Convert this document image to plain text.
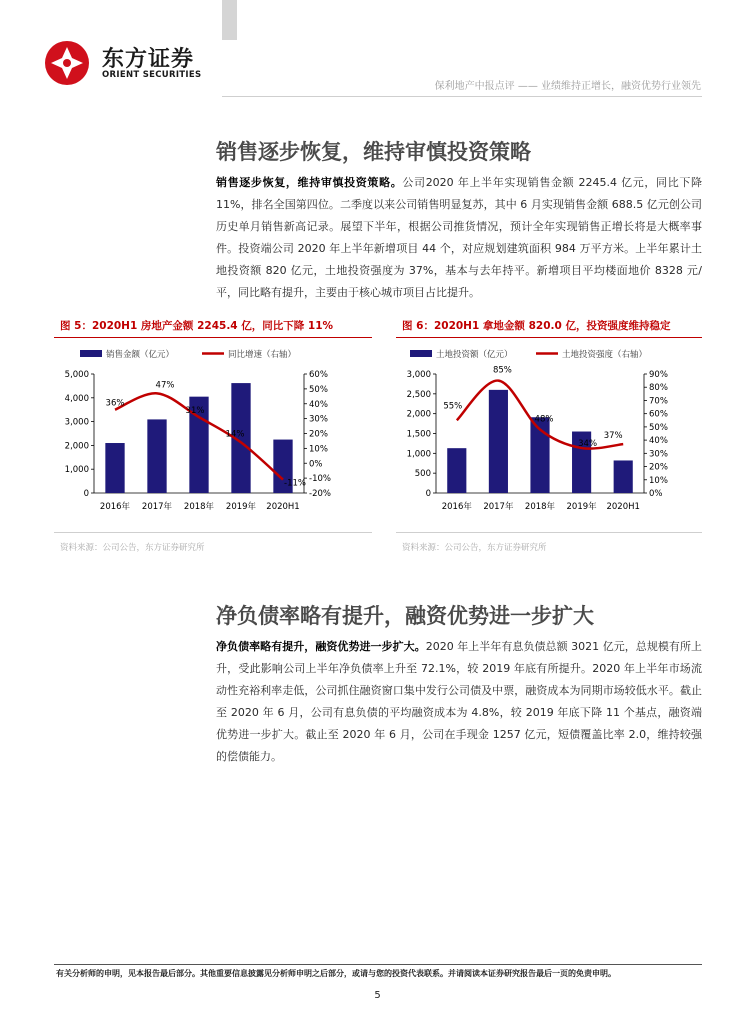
东方证券
ORIENT SECURITIES
保利地产中报点评 —— 业绩维持正增长，融资优势行业领先
销售逐步恢复，维持审慎投资策略
销售逐步恢复，维持审慎投资策略。公司2020 年上半年实现销售金额 2245.4 亿元，同比下降 11%，排名全国第四位。二季度以来公司销售明显复苏，其中 6 月实现销售金额 688.5 亿元创公司历史单月销售新高记录。展望下半年，根据公司推货情况，预计全年实现销售正增长将是大概率事件。投资端公司 2020 年上半年新增项目 44 个，对应规划建筑面积 984 万平方米。上半年累计土地投资额 820 亿元，土地投资强度为 37%，基本与去年持平。新增项目平均楼面地价 8328 元/平，同比略有提升，主要由于核心城市项目占比提升。
图 5：2020H1 房地产金额 2245.4 亿，同比下降 11%
销售金额（亿元）	同比增速（右轴）
5,000
4,000
3,000
2,000
1,000
0
60%
50%
40%
30%
20%
10%
0%
-10%
-20%
2016年 2017年 2018年 2019年 2020H1
36%
47%
31%
14%
-11%
资料来源：公司公告，东方证券研究所
图 6：2020H1 拿地金额 820.0 亿，投资强度维持稳定
土地投资额（亿元）	土地投资强度（右轴）
3,000
2,500
2,000
1,500
1,000
500
0
90%
80%
70%
60%
50%
40%
30%
20%
10%
0%
2016年 2017年 2018年 2019年 2020H1
55%
85%
48%
34%
37%
资料来源：公司公告，东方证券研究所
净负债率略有提升，融资优势进一步扩大
净负债率略有提升，融资优势进一步扩大。2020 年上半年有息负债总额 3021 亿元，总规模有所上升，受此影响公司上半年净负债率上升至 72.1%，较 2019 年底有所提升。2020 年上半年市场流动性充裕利率走低，公司抓住融资窗口集中发行公司债及中票，融资成本为同期市场较低水平。截止至 2020 年 6 月，公司有息负债的平均融资成本为 4.8%，较 2019 年底下降 11 个基点，融资端优势进一步扩大。截止至 2020 年 6 月，公司在手现金 1257 亿元，短债覆盖比率 2.0，维持较强的偿债能力。
有关分析师的申明，见本报告最后部分。其他重要信息披露见分析师申明之后部分，或请与您的投资代表联系。并请阅读本证券研究报告最后一页的免责申明。
5
